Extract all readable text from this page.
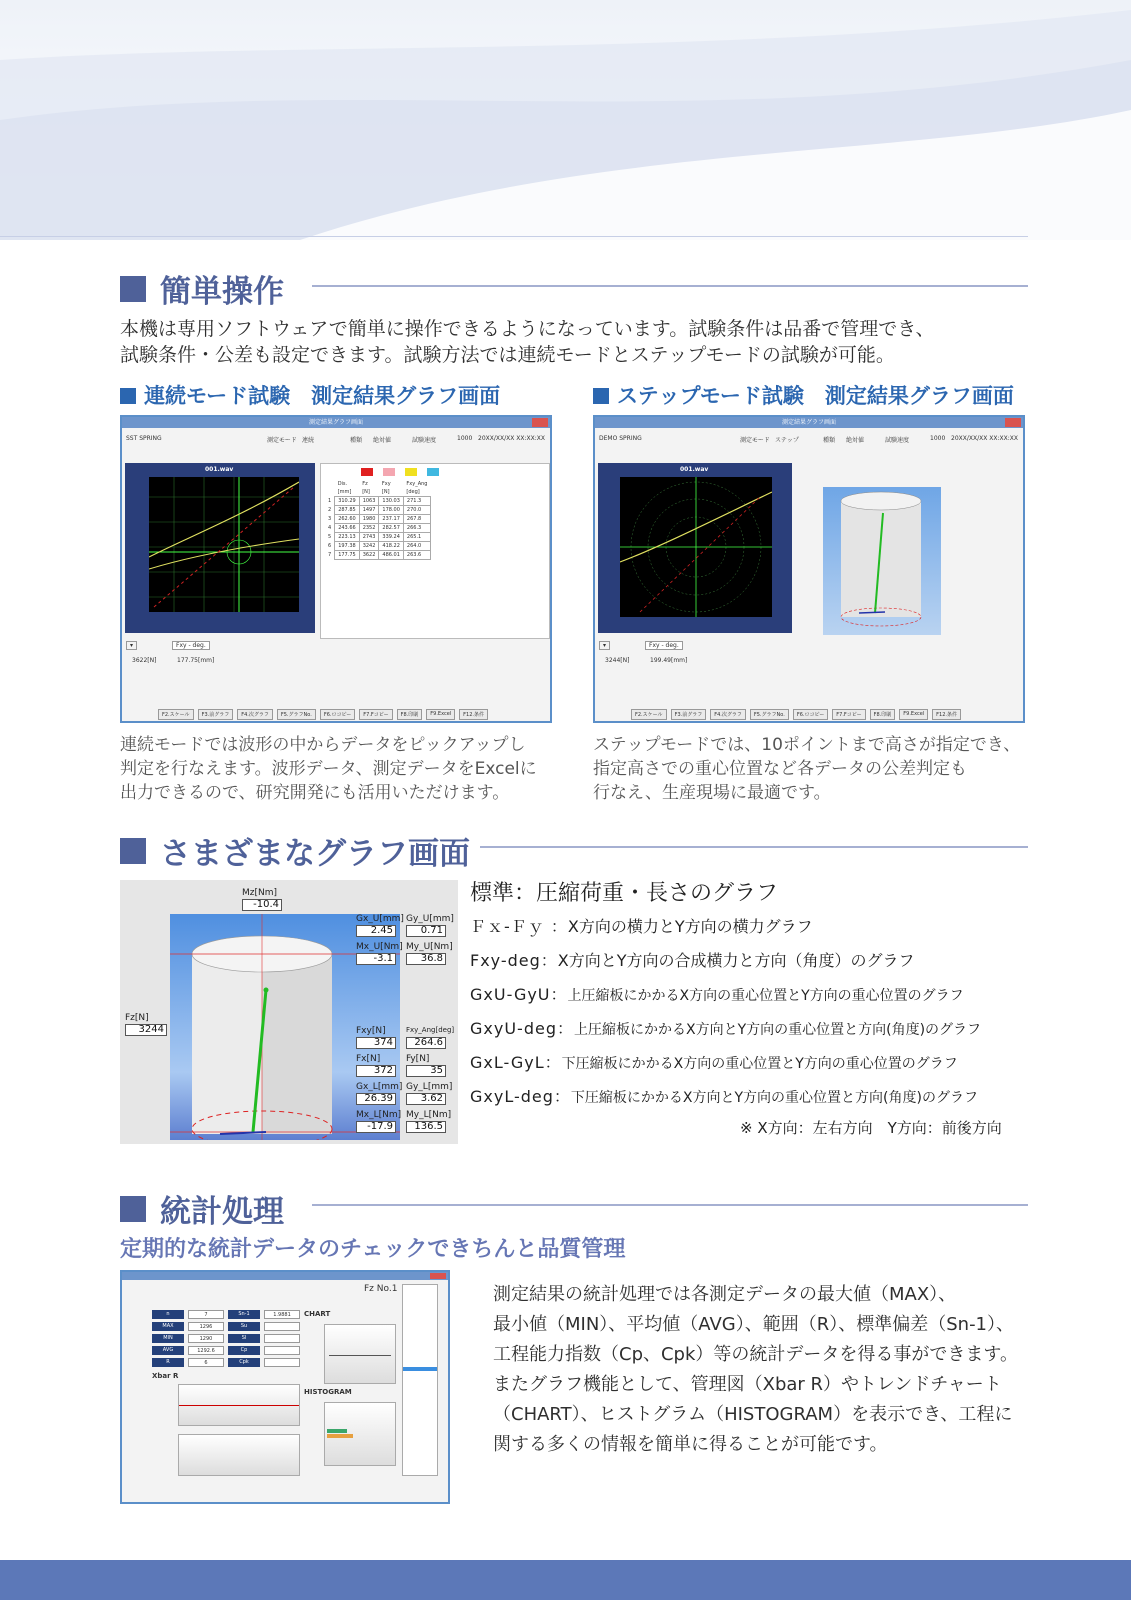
簡単操作
本機は専用ソフトウェアで簡単に操作できるようになっています。試験条件は品番で管理でき、
試験条件・公差も設定できます。試験方法では連続モードとステップモードの試験が可能。
連続モード試験　測定結果グラフ画面	ステップモード試験　測定結果グラフ画面
測定結果グラフ画面
SST SPRING	測定モード 連続	種類 絶対値	試験速度	1000 20XX/XX/XX XX:XX:XX
001.wav
	Dis.	Fz	Fxy	Fxy_Ang
	[mm]	[N]	[N]	[deg]
1	310.29	1063	130.03	271.3
2	287.85	1497	178.00	270.0
3	262.60	1980	237.17	267.8
4	243.66	2352	282.57	266.3
5	223.13	2743	339.24	265.1
6	197.38	3242	418.22	264.0
7	177.75	3622	486.01	263.6
▾	Fxy - deg.
3622[N]	177.75[mm]
F2.スケール	F3.前グラフ	F4.次グラフ	F5.グラフNo.	F6.ロコピー	F7.Fコピー	F8.印刷	F9.Excel	F12.条件
測定結果グラフ画面
DEMO SPRING	測定モード ステップ	種類 絶対値	試験速度	1000 20XX/XX/XX XX:XX:XX
001.wav
▾	Fxy - deg.
3244[N]	199.49[mm]
F2.スケール	F3.前グラフ	F4.次グラフ	F5.グラフNo.	F6.ロコピー	F7.Fコピー	F8.印刷	F9.Excel	F12.条件
連続モードでは波形の中からデータをピックアップし
判定を行なえます。波形データ、測定データをExcelに
出力できるので、研究開発にも活用いただけます。
ステップモードでは、10ポイントまで高さが指定でき、
指定高さでの重心位置など各データの公差判定も
行なえ、生産現場に最適です。
さまざまなグラフ画面
Mz[Nm]
-10.4
Fz[N]
3244
Gx_U[mm]
2.45
Gy_U[mm]
0.71
Mx_U[Nm]
-3.1
My_U[Nm]
36.8
Fxy[N]
374
Fxy_Ang[deg]
264.6
Fx[N]
372
Fy[N]
35
Gx_L[mm]
26.39
Gy_L[mm]
3.62
Mx_L[Nm]
-17.9
My_L[Nm]
136.5
標準：圧縮荷重・長さのグラフ
Ｆｘ-Ｆｙ ：X方向の横力とY方向の横力グラフ
Fxy-deg：X方向とY方向の合成横力と方向（角度）のグラフ
GxU-GyU：上圧縮板にかかるX方向の重心位置とY方向の重心位置のグラフ
GxyU-deg：上圧縮板にかかるX方向とY方向の重心位置と方向(角度)のグラフ
GxL-GyL：下圧縮板にかかるX方向の重心位置とY方向の重心位置のグラフ
GxyL-deg：下圧縮板にかかるX方向とY方向の重心位置と方向(角度)のグラフ
※ X方向：左右方向　Y方向：前後方向
統計処理
定期的な統計データのチェックできちんと品質管理
Fz No.1
n	7	Sn-1	1.9881
MAX	1296	Su
MIN	1290	Sl
AVG	1292.6	Cp
R	6	Cpk
Xbar R
CHART
HISTOGRAM
測定結果の統計処理では各測定データの最大値（MAX）、
最小値（MIN）、平均値（AVG）、範囲（R）、標準偏差（Sn-1）、
工程能力指数（Cp、Cpk）等の統計データを得る事ができます。
またグラフ機能として、管理図（Xbar R）やトレンドチャート
（CHART）、ヒストグラム（HISTOGRAM）を表示でき、工程に
関する多くの情報を簡単に得ることが可能です。
